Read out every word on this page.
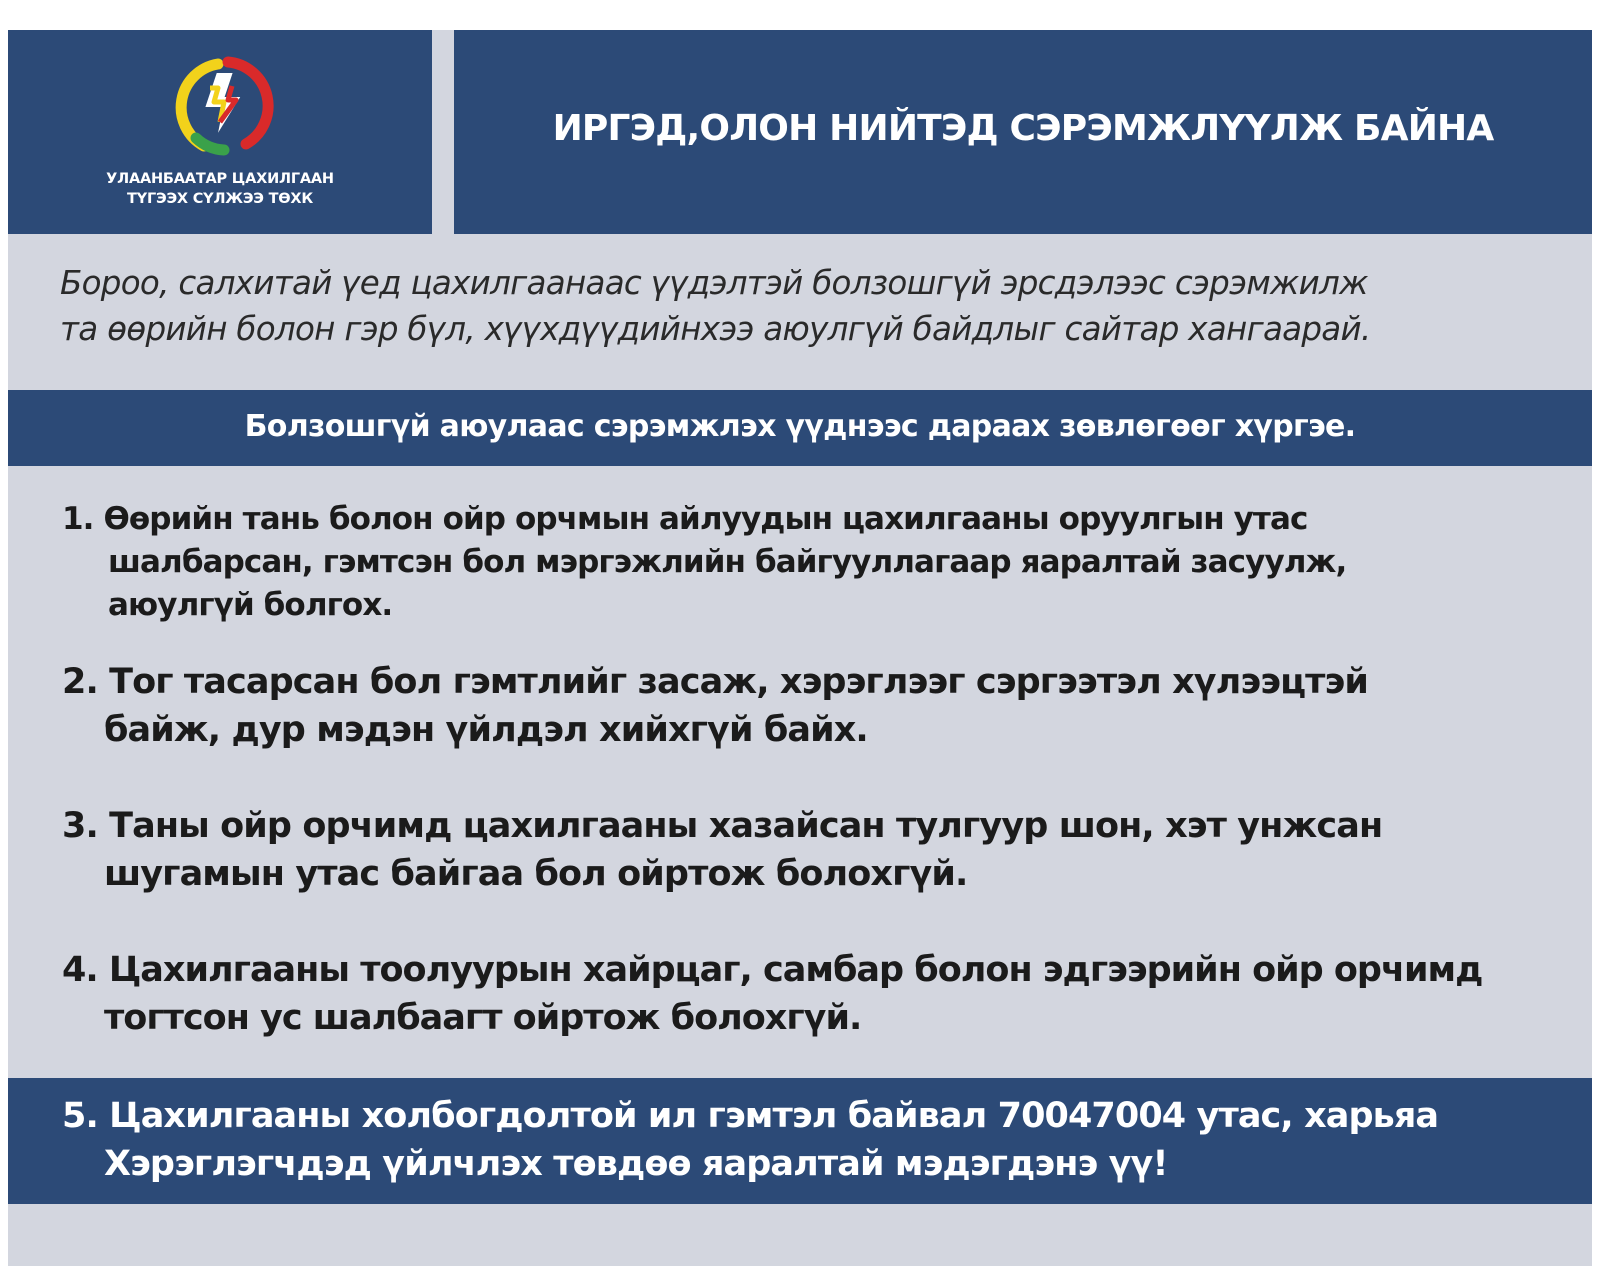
УЛААНБААТАР ЦАХИЛГААН
ТҮГЭЭХ СҮЛЖЭЭ ТӨХК
ИРГЭД,ОЛОН НИЙТЭД СЭРЭМЖЛҮҮЛЖ БАЙНА
Бороо, салхитай үед цахилгаанаас үүдэлтэй болзошгүй эрсдэлээс сэрэмжилж
та өөрийн болон гэр бүл, хүүхдүүдийнхээ аюулгүй байдлыг сайтар хангаарай.
Болзошгүй аюулаас сэрэмжлэх үүднээс дараах зөвлөгөөг хүргэе.
1. Өөрийн тань болон ойр орчмын айлуудын цахилгааны оруулгын утас
шалбарсан, гэмтсэн бол мэргэжлийн байгууллагаар яаралтай засуулж,
аюулгүй болгох.
2. Тог тасарсан бол гэмтлийг засаж, хэрэглээг сэргээтэл хүлээцтэй
байж, дур мэдэн үйлдэл хийхгүй байх.
3. Таны ойр орчимд цахилгааны хазайсан тулгуур шон, хэт унжсан
шугамын утас байгаа бол ойртож болохгүй.
4. Цахилгааны тоолуурын хайрцаг, самбар болон эдгээрийн ойр орчимд
тогтсон ус шалбаагт ойртож болохгүй.
5. Цахилгааны холбогдолтой ил гэмтэл байвал 70047004 утас, харьяа
Хэрэглэгчдэд үйлчлэх төвдөө яаралтай мэдэгдэнэ үү!
